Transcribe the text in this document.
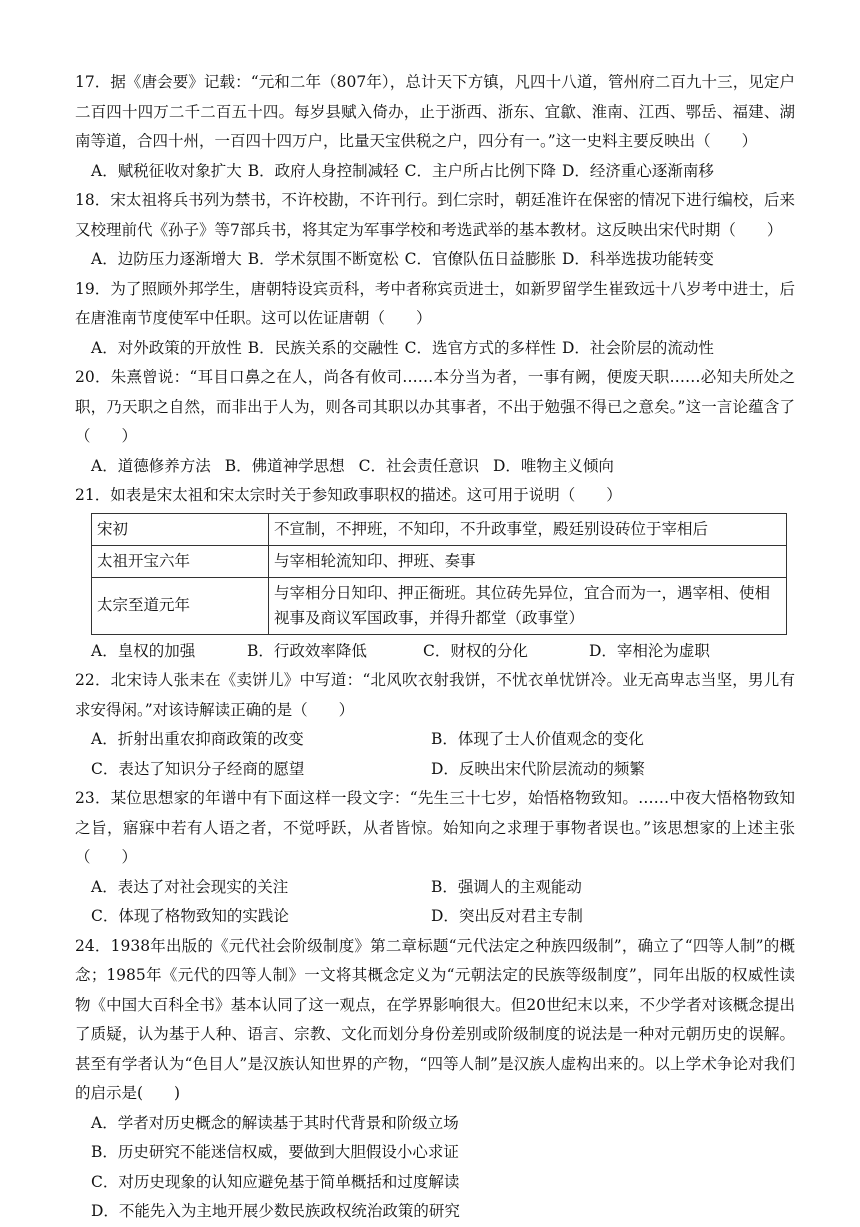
17．据《唐会要》记载：“元和二年（807年），总计天下方镇，凡四十八道，管州府二百九十三，见定户二百四十四万二千二百五十四。每岁县赋入倚办，止于浙西、浙东、宜歙、淮南、江西、鄂岳、福建、湖南等道，合四十州，一百四十四万户，比量天宝供税之户，四分有一。”这一史料主要反映出（　　）

A．赋税征收对象扩大 B．政府人身控制减轻 C．主户所占比例下降 D．经济重心逐渐南移

18．宋太祖将兵书列为禁书，不许校勘，不许刊行。到仁宗时，朝廷准许在保密的情况下进行编校，后来又校理前代《孙子》等7部兵书，将其定为军事学校和考选武举的基本教材。这反映出宋代时期（　　）

A．边防压力逐渐增大 B．学术氛围不断宽松 C．官僚队伍日益膨胀 D．科举选拔功能转变

19．为了照顾外邦学生，唐朝特设宾贡科，考中者称宾贡进士，如新罗留学生崔致远十八岁考中进士，后在唐淮南节度使军中任职。这可以佐证唐朝（　　）

A．对外政策的开放性 B．民族关系的交融性 C．选官方式的多样性 D．社会阶层的流动性

20．朱熹曾说：“耳目口鼻之在人，尚各有攸司……本分当为者，一事有阙，便废天职……必知夫所处之职，乃天职之自然，而非出于人为，则各司其职以办其事者，不出于勉强不得已之意矣。”这一言论蕴含了（　　）

A．道德修养方法 B．佛道神学思想 C．社会责任意识 D．唯物主义倾向

21．如表是宋太祖和宋太宗时关于参知政事职权的描述。这可用于说明（　　）

宋初	不宣制，不押班，不知印，不升政事堂，殿廷别设砖位于宰相后
太祖开宝六年	与宰相轮流知印、押班、奏事
太宗至道元年	与宰相分日知印、押正衙班。其位砖先异位，宜合而为一，遇宰相、使相视事及商议军国政事，并得升都堂（政事堂）

A．皇权的加强	B．行政效率降低	C．财权的分化	D．宰相沦为虚职

22．北宋诗人张耒在《卖饼儿》中写道：“北风吹衣射我饼，不忧衣单忧饼冷。业无高卑志当坚，男儿有求安得闲。”对该诗解读正确的是（　　）

A．折射出重农抑商政策的改变	B．体现了士人价值观念的变化
C．表达了知识分子经商的愿望	D．反映出宋代阶层流动的频繁

23．某位思想家的年谱中有下面这样一段文字：“先生三十七岁，始悟格物致知。……中夜大悟格物致知之旨，寤寐中若有人语之者，不觉呼跃，从者皆惊。始知向之求理于事物者误也。”该思想家的上述主张（　　）

A．表达了对社会现实的关注	B．强调人的主观能动
C．体现了格物致知的实践论	D．突出反对君主专制

24．1938年出版的《元代社会阶级制度》第二章标题“元代法定之种族四级制”，确立了“四等人制”的概念；1985年《元代的四等人制》一文将其概念定义为“元朝法定的民族等级制度”，同年出版的权威性读物《中国大百科全书》基本认同了这一观点，在学界影响很大。但20世纪末以来，不少学者对该概念提出了质疑，认为基于人种、语言、宗教、文化而划分身份差别或阶级制度的说法是一种对元朝历史的误解。甚至有学者认为“色目人”是汉族认知世界的产物，“四等人制”是汉族人虚构出来的。以上学术争论对我们的启示是(　　)

A．学者对历史概念的解读基于其时代背景和阶级立场
B．历史研究不能迷信权威，要做到大胆假设小心求证
C．对历史现象的认知应避免基于简单概括和过度解读
D．不能先入为主地开展少数民族政权统治政策的研究
